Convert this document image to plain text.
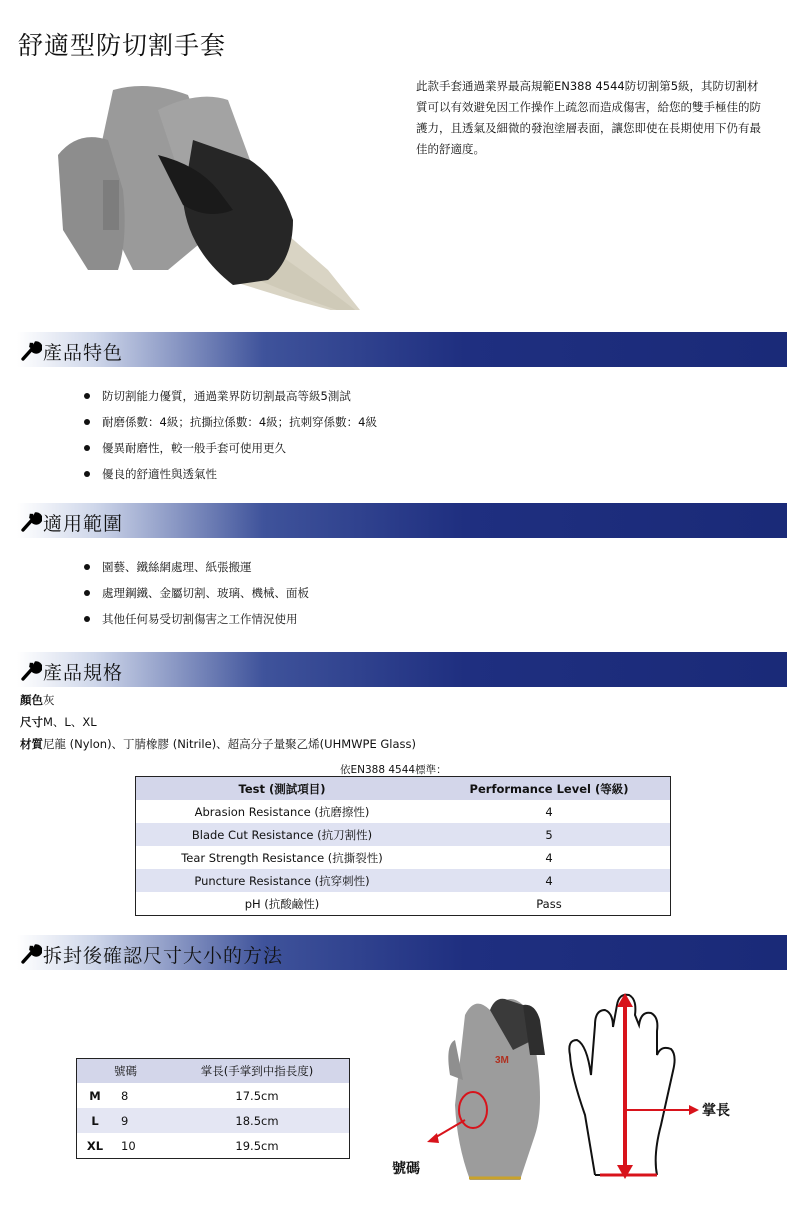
舒適型防切割手套
此款手套通過業界最高規範EN388 4544防切割第5級，其防切割材質可以有效避免因工作操作上疏忽而造成傷害，給您的雙手極佳的防護力，且透氣及細微的發泡塗層表面，讓您即使在長期使用下仍有最佳的舒適度。
產品特色
防切割能力優質，通過業界防切割最高等級5測試
耐磨係數：4級；抗撕拉係數：4級；抗刺穿係數：4級
優異耐磨性，較一般手套可使用更久
優良的舒適性與透氣性
適用範圍
園藝、鐵絲網處理、紙張搬運
處理鋼鐵、金屬切割、玻璃、機械、面板
其他任何易受切割傷害之工作情況使用
產品規格
顏色灰
尺寸M、L、XL
材質尼龍 (Nylon)、丁腈橡膠 (Nitrile)、超高分子量聚乙烯(UHMWPE Glass)
依EN388 4544標準：
Test (測試項目)	Performance Level (等級)
Abrasion Resistance (抗磨擦性)	4
Blade Cut Resistance (抗刀割性)	5
Tear Strength Resistance (抗撕裂性)	4
Puncture Resistance (抗穿刺性)	4
pH (抗酸鹼性)	Pass
拆封後確認尺寸大小的方法
	號碼	掌長(手掌到中指長度)
M	8	17.5cm
L	9	18.5cm
XL	10	19.5cm
3M
號碼
掌長
